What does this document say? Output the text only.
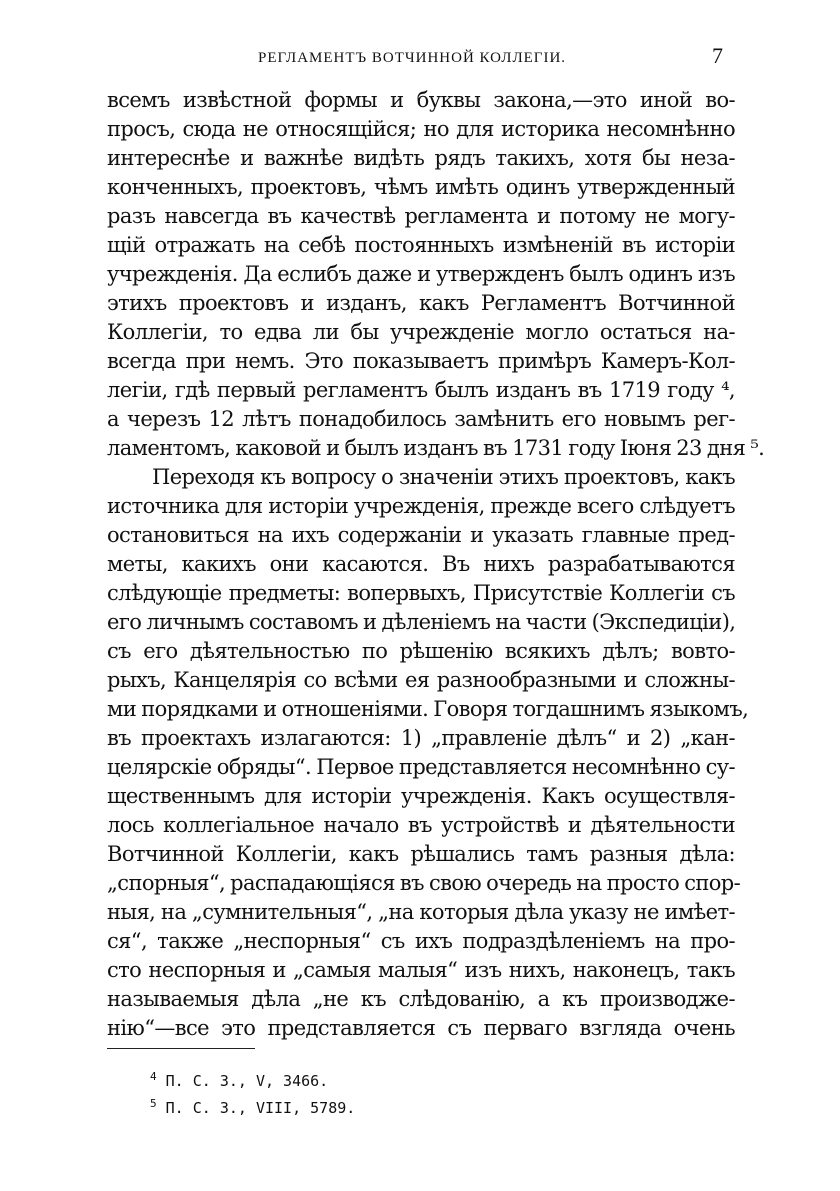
РЕГЛАМЕНТЪ ВОТЧИННОЙ КОЛЛЕГІИ.	7
всемъ извѣстной формы и буквы закона,—это иной во-
просъ, сюда не относящійся; но для историка несомнѣнно
интереснѣе и важнѣе видѣть рядъ такихъ, хотя бы неза-
конченныхъ, проектовъ, чѣмъ имѣть одинъ утвержденный
разъ навсегда въ качествѣ регламента и потому не могу-
щій отражать на себѣ постоянныхъ измѣненій въ исторіи
учрежденія. Да еслибъ даже и утвержденъ былъ одинъ изъ
этихъ проектовъ и изданъ, какъ Регламентъ Вотчинной
Коллегіи, то едва ли бы учрежденіе могло остаться на-
всегда при немъ. Это показываетъ примѣръ Камеръ-Кол-
легіи, гдѣ первый регламентъ былъ изданъ въ 1719 году ⁴,
а черезъ 12 лѣтъ понадобилось замѣнить его новымъ рег-
ламентомъ, каковой и былъ изданъ въ 1731 году Іюня 23 дня ⁵.
Переходя къ вопросу о значеніи этихъ проектовъ, какъ
источника для исторіи учрежденія, прежде всего слѣдуетъ
остановиться на ихъ содержаніи и указать главные пред-
меты, какихъ они касаются. Въ нихъ разрабатываются
слѣдующіе предметы: вопервыхъ, Присутствіе Коллегіи съ
его личнымъ составомъ и дѣленіемъ на части (Экспедиціи),
съ его дѣятельностью по рѣшенію всякихъ дѣлъ; вовто-
рыхъ, Канцелярія со всѣми ея разнообразными и сложны-
ми порядками и отношеніями. Говоря тогдашнимъ языкомъ,
въ проектахъ излагаются: 1) „правленіе дѣлъ“ и 2) „кан-
целярскіе обряды“. Первое представляется несомнѣнно су-
щественнымъ для исторіи учрежденія. Какъ осуществля-
лось коллегіальное начало въ устройствѣ и дѣятельности
Вотчинной Коллегіи, какъ рѣшались тамъ разныя дѣла:
„спорныя“, распадающіяся въ свою очередь на просто спор-
ныя, на „сумнительныя“, „на которыя дѣла указу не имѣет-
ся“, также „неспорныя“ съ ихъ подраздѣленіемъ на про-
сто неспорныя и „самыя малыя“ изъ нихъ, наконецъ, такъ
называемыя дѣла „не къ слѣдованію, а къ производже-
нію“—все это представляется съ перваго взгляда очень
$^4$ П. С. З., V, 3466.
$^5$ П. С. З., VIII, 5789.
